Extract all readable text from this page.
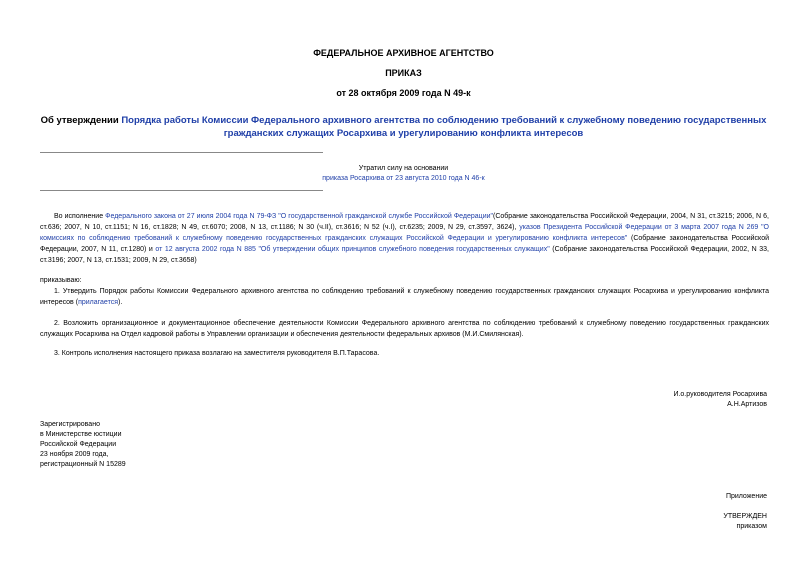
ФЕДЕРАЛЬНОЕ АРХИВНОЕ АГЕНТСТВО
ПРИКАЗ
от 28 октября 2009 года N 49-к
Об утверждении Порядка работы Комиссии Федерального архивного агентства по соблюдению требований к служебному поведению государственных гражданских служащих Росархива и урегулированию конфликта интересов
Утратил силу на основании
приказа Росархива от 23 августа 2010 года N 46-к
Во исполнение Федерального закона от 27 июля 2004 года N 79-ФЗ "О государственной гражданской службе Российской Федерации"(Собрание законодательства Российской Федерации, 2004, N 31, ст.3215; 2006, N 6, ст.636; 2007, N 10, ст.1151; N 16, ст.1828; N 49, ст.6070; 2008, N 13, ст.1186; N 30 (ч.II), ст.3616; N 52 (ч.I), ст.6235; 2009, N 29, ст.3597, 3624), указов Президента Российской Федерации от 3 марта 2007 года N 269 "О комиссиях по соблюдению требований к служебному поведению государственных гражданских служащих Российской Федерации и урегулированию конфликта интересов" (Собрание законодательства Российской Федерации, 2007, N 11, ст.1280) и от 12 августа 2002 года N 885 "Об утверждении общих принципов служебного поведения государственных служащих" (Собрание законодательства Российской Федерации, 2002, N 33, ст.3196; 2007, N 13, ст.1531; 2009, N 29, ст.3658)
приказываю:
1. Утвердить Порядок работы Комиссии Федерального архивного агентства по соблюдению требований к служебному поведению государственных гражданских служащих Росархива и урегулированию конфликта интересов (прилагается).
2. Возложить организационное и документационное обеспечение деятельности Комиссии Федерального архивного агентства по соблюдению требований к служебному поведению государственных гражданских служащих Росархива на Отдел кадровой работы в Управлении организации и обеспечения деятельности федеральных архивов (М.И.Смилянская).
3. Контроль исполнения настоящего приказа возлагаю на заместителя руководителя В.П.Тарасова.
И.о.руководителя Росархива
А.Н.Артизов
Зарегистрировано
в Министерстве юстиции
Российской Федерации
23 ноября 2009 года,
регистрационный N 15289
Приложение
УТВЕРЖДЕН
приказом
